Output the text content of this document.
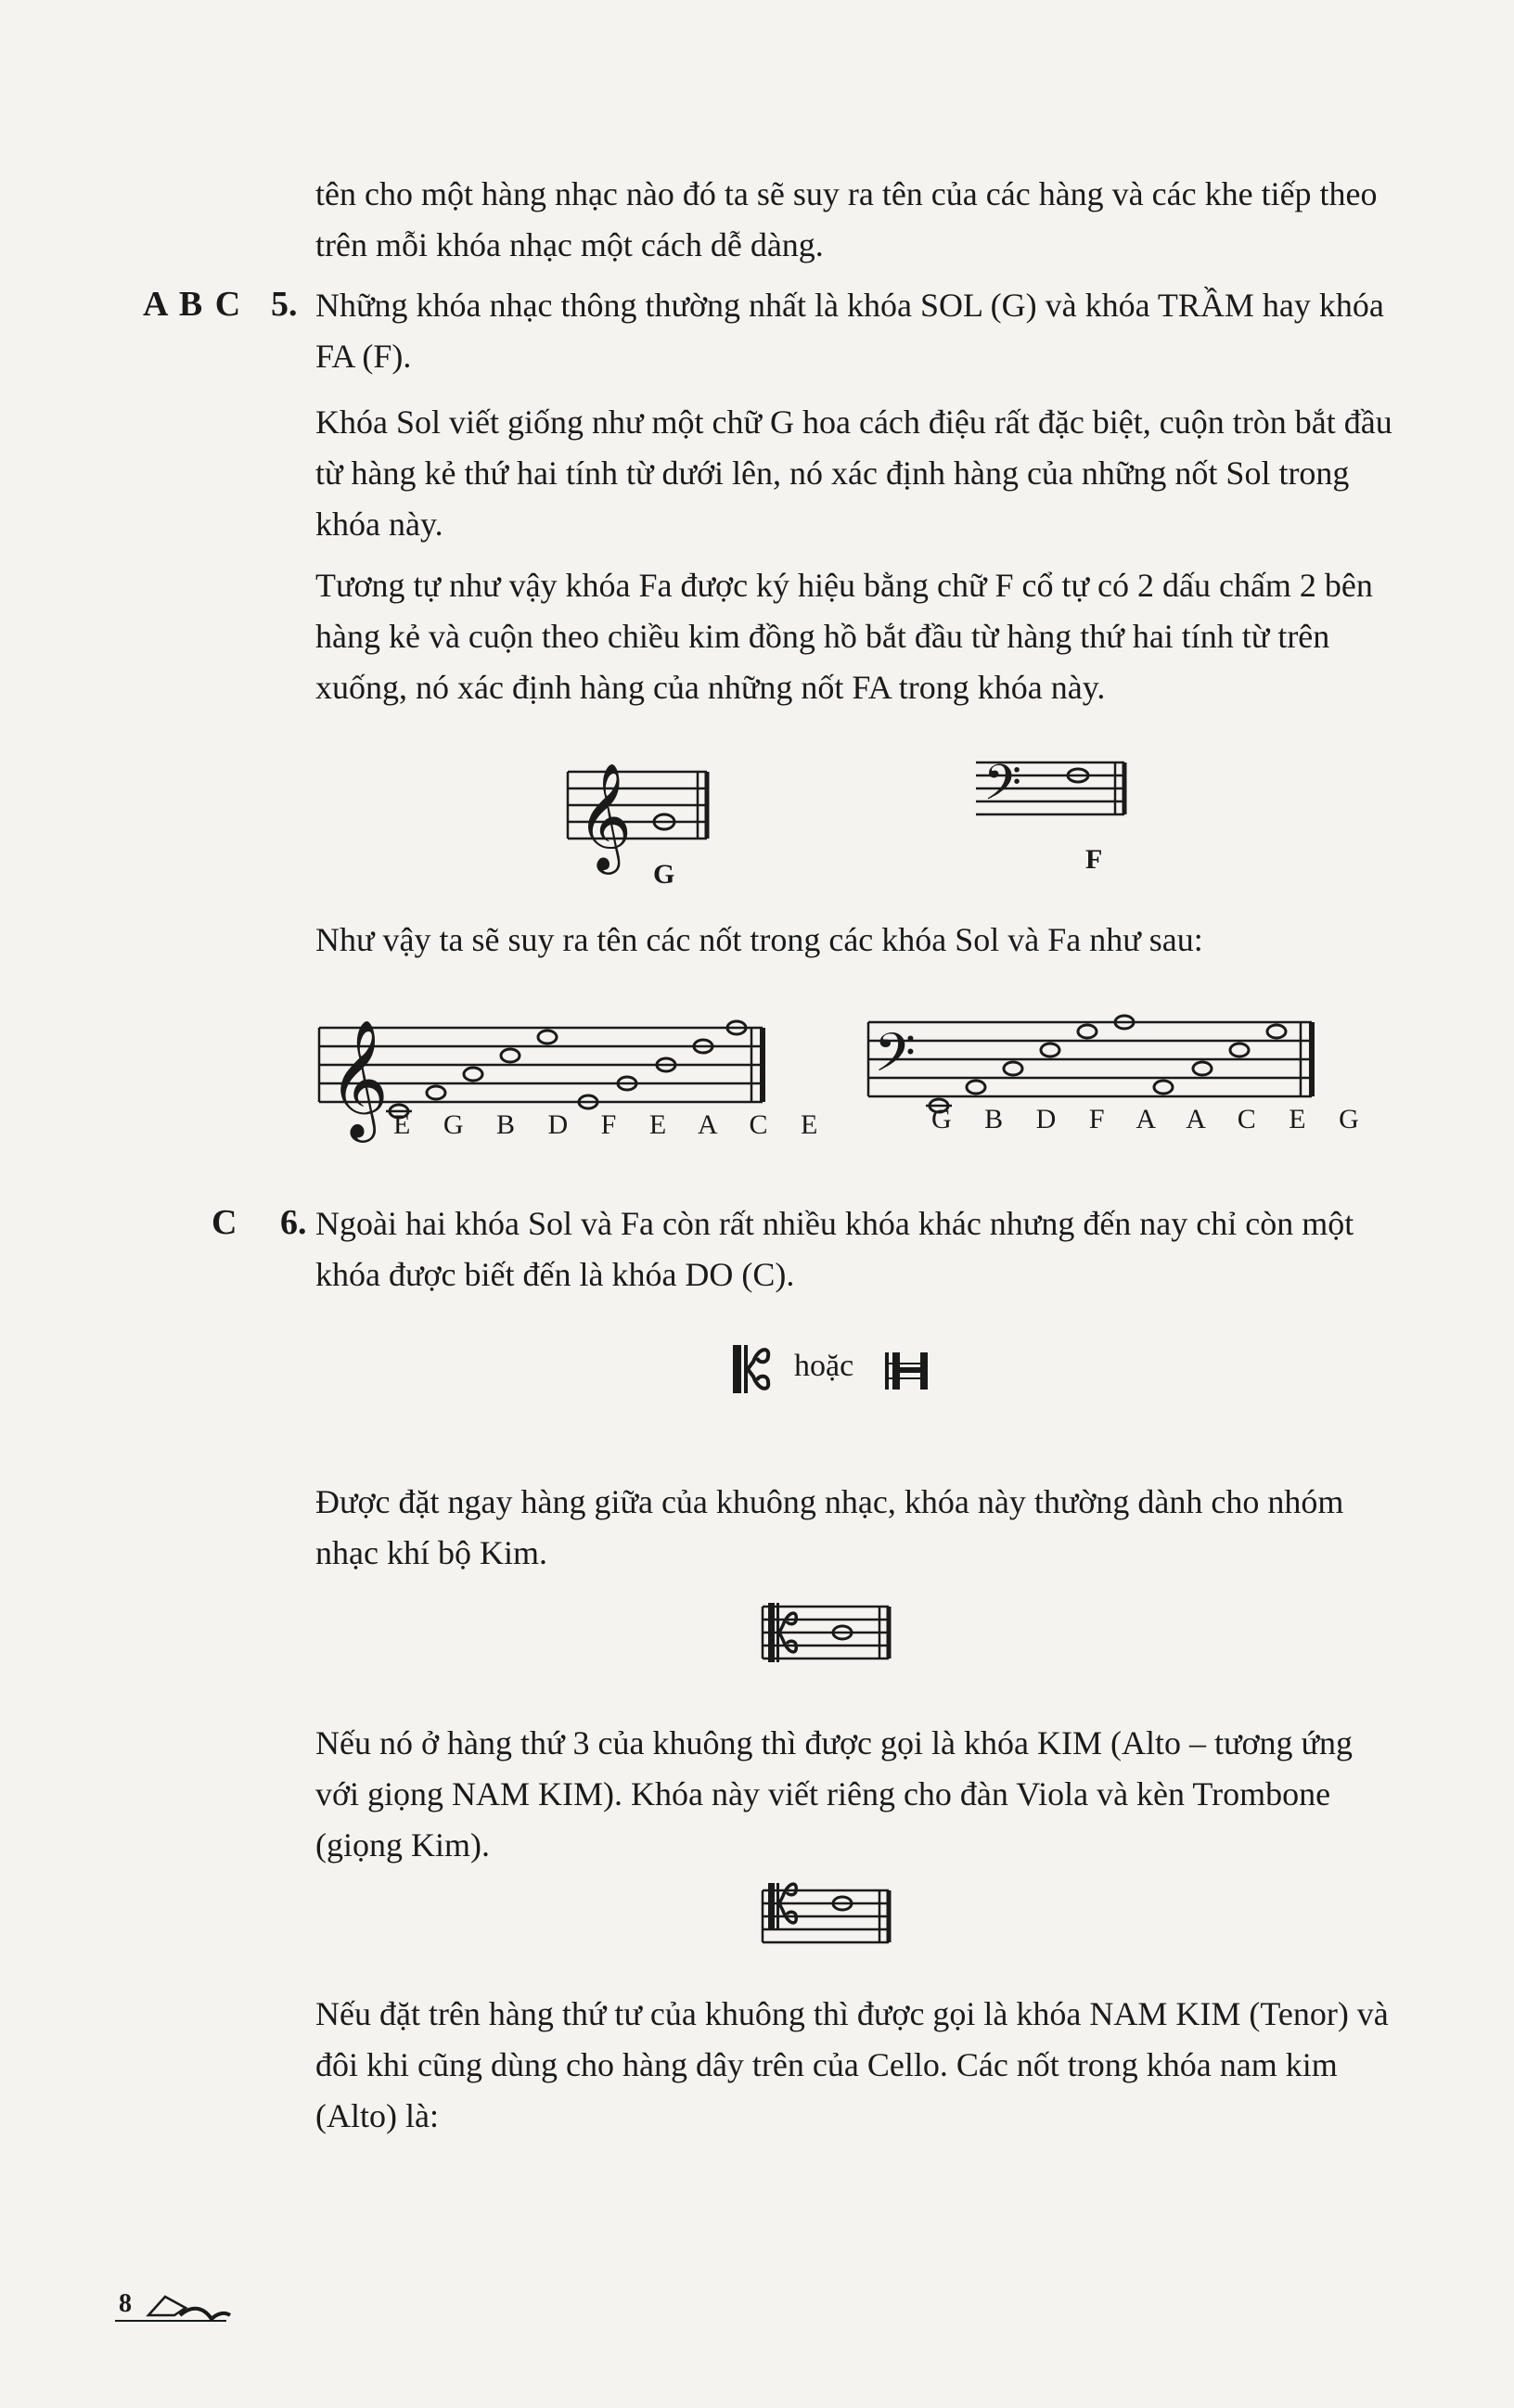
tên cho một hàng nhạc nào đó ta sẽ suy ra tên của các hàng và các khe tiếp theo trên mỗi khóa nhạc một cách dễ dàng.
A B C 5. Những khóa nhạc thông thường nhất là khóa SOL (G) và khóa TRẦM hay khóa FA (F).
Khóa Sol viết giống như một chữ G hoa cách điệu rất đặc biệt, cuộn tròn bắt đầu từ hàng kẻ thứ hai tính từ dưới lên, nó xác định hàng của những nốt Sol trong khóa này.
Tương tự như vậy khóa Fa được ký hiệu bằng chữ F cổ tự có 2 dấu chấm 2 bên hàng kẻ và cuộn theo chiều kim đồng hồ bắt đầu từ hàng thứ hai tính từ trên xuống, nó xác định hàng của những nốt FA trong khóa này.
𝄞
G
𝄢
F
Như vậy ta sẽ suy ra tên các nốt trong các khóa Sol và Fa như sau:
𝄞 E G B D F E A C E
𝄢
G B D F A A C E G
C 6. Ngoài hai khóa Sol và Fa còn rất nhiều khóa khác nhưng đến nay chỉ còn một khóa được biết đến là khóa DO (C).
hoặc
Được đặt ngay hàng giữa của khuông nhạc, khóa này thường dành cho nhóm nhạc khí bộ Kim.
Nếu nó ở hàng thứ 3 của khuông thì được gọi là khóa KIM (Alto – tương ứng với giọng NAM KIM). Khóa này viết riêng cho đàn Viola và kèn Trombone (giọng Kim).
Nếu đặt trên hàng thứ tư của khuông thì được gọi là khóa NAM KIM (Tenor) và đôi khi cũng dùng cho hàng dây trên của Cello. Các nốt trong khóa nam kim (Alto) là:
8
